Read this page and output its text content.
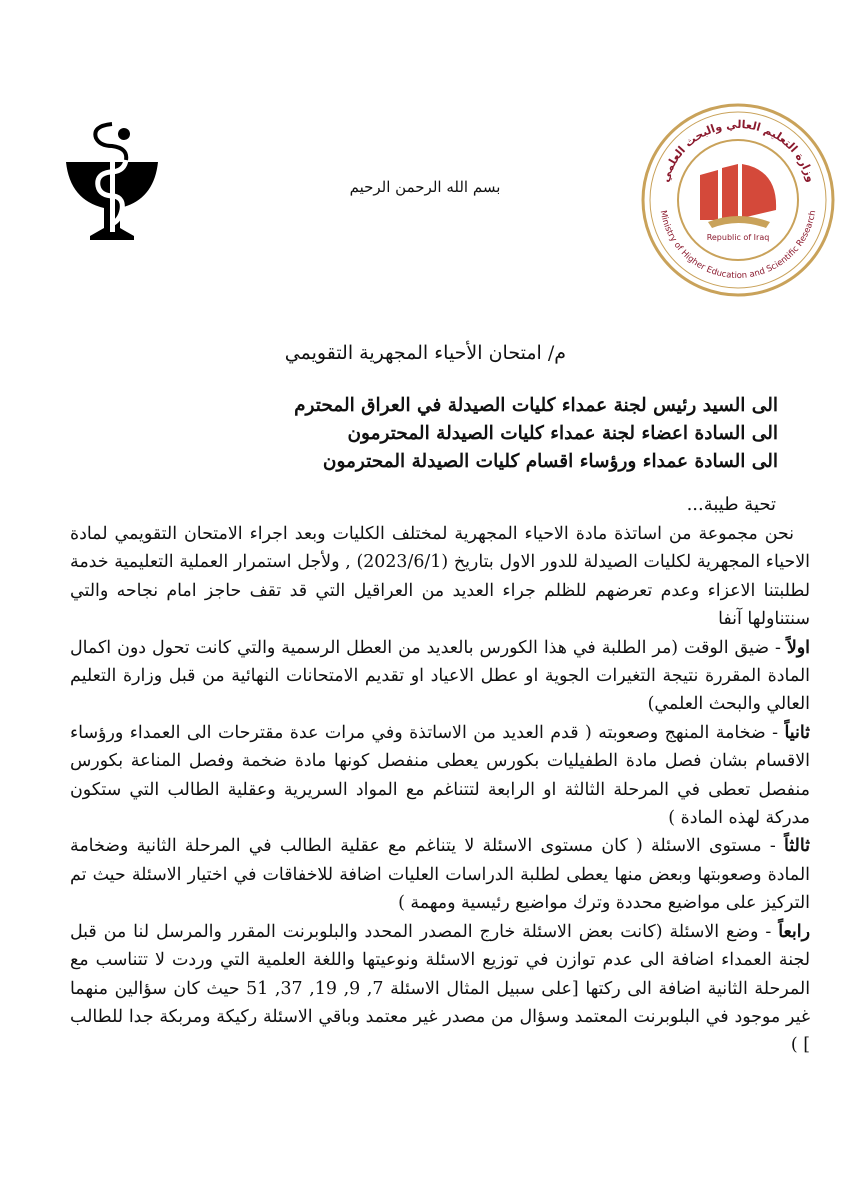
وزارة التعليم العالي والبحث العلمي
Ministry of Higher Education and Scientific Research
Republic of Iraq
بسم الله الرحمن الرحيم
م/ امتحان الأحياء المجهرية التقويمي
الى السيد رئيس لجنة عمداء كليات الصيدلة في العراق المحترم
الى السادة اعضاء لجنة عمداء كليات الصيدلة المحترمون
الى السادة عمداء ورؤساء اقسام كليات الصيدلة المحترمون
تحية طيبة...

نحن مجموعة من اساتذة مادة الاحياء المجهرية لمختلف الكليات وبعد اجراء الامتحان التقويمي لمادة الاحياء المجهرية لكليات الصيدلة للدور الاول بتاريخ (2023/6/1) , ولأجل استمرار العملية التعليمية خدمة لطلبتنا الاعزاء وعدم تعرضهم للظلم جراء العديد من العراقيل التي قد تقف حاجز امام نجاحه والتي سنتناولها آنفا

اولاً - ضيق الوقت (مر الطلبة في هذا الكورس بالعديد من العطل الرسمية والتي كانت تحول دون اكمال المادة المقررة نتيجة التغيرات الجوية او عطل الاعياد او تقديم الامتحانات النهائية من قبل وزارة التعليم العالي والبحث العلمي)

ثانياً - ضخامة المنهج وصعوبته ( قدم العديد من الاساتذة وفي مرات عدة مقترحات الى العمداء ورؤساء الاقسام بشان فصل مادة الطفيليات بكورس يعطى منفصل كونها مادة ضخمة وفصل المناعة بكورس منفصل تعطى في المرحلة الثالثة او الرابعة لتتناغم مع المواد السريرية وعقلية الطالب التي ستكون مدركة لهذه المادة )

ثالثاً - مستوى الاسئلة ( كان مستوى الاسئلة لا يتناغم مع عقلية الطالب في المرحلة الثانية وضخامة المادة وصعوبتها وبعض منها يعطى لطلبة الدراسات العليات اضافة للاخفاقات في اختيار الاسئلة حيث تم التركيز على مواضيع محددة وترك مواضيع رئيسية ومهمة )

رابعاً - وضع الاسئلة (كانت بعض الاسئلة خارج المصدر المحدد والبلوبرنت المقرر والمرسل لنا من قبل لجنة العمداء اضافة الى عدم توازن في توزيع الاسئلة ونوعيتها واللغة العلمية التي وردت لا تتناسب مع المرحلة الثانية اضافة الى ركتها [على سبيل المثال الاسئلة 7, 9, 19, 37, 51 حيث كان سؤالين منهما غير موجود في البلوبرنت المعتمد وسؤال من مصدر غير معتمد وباقي الاسئلة ركيكة ومربكة جدا للطالب ] )
